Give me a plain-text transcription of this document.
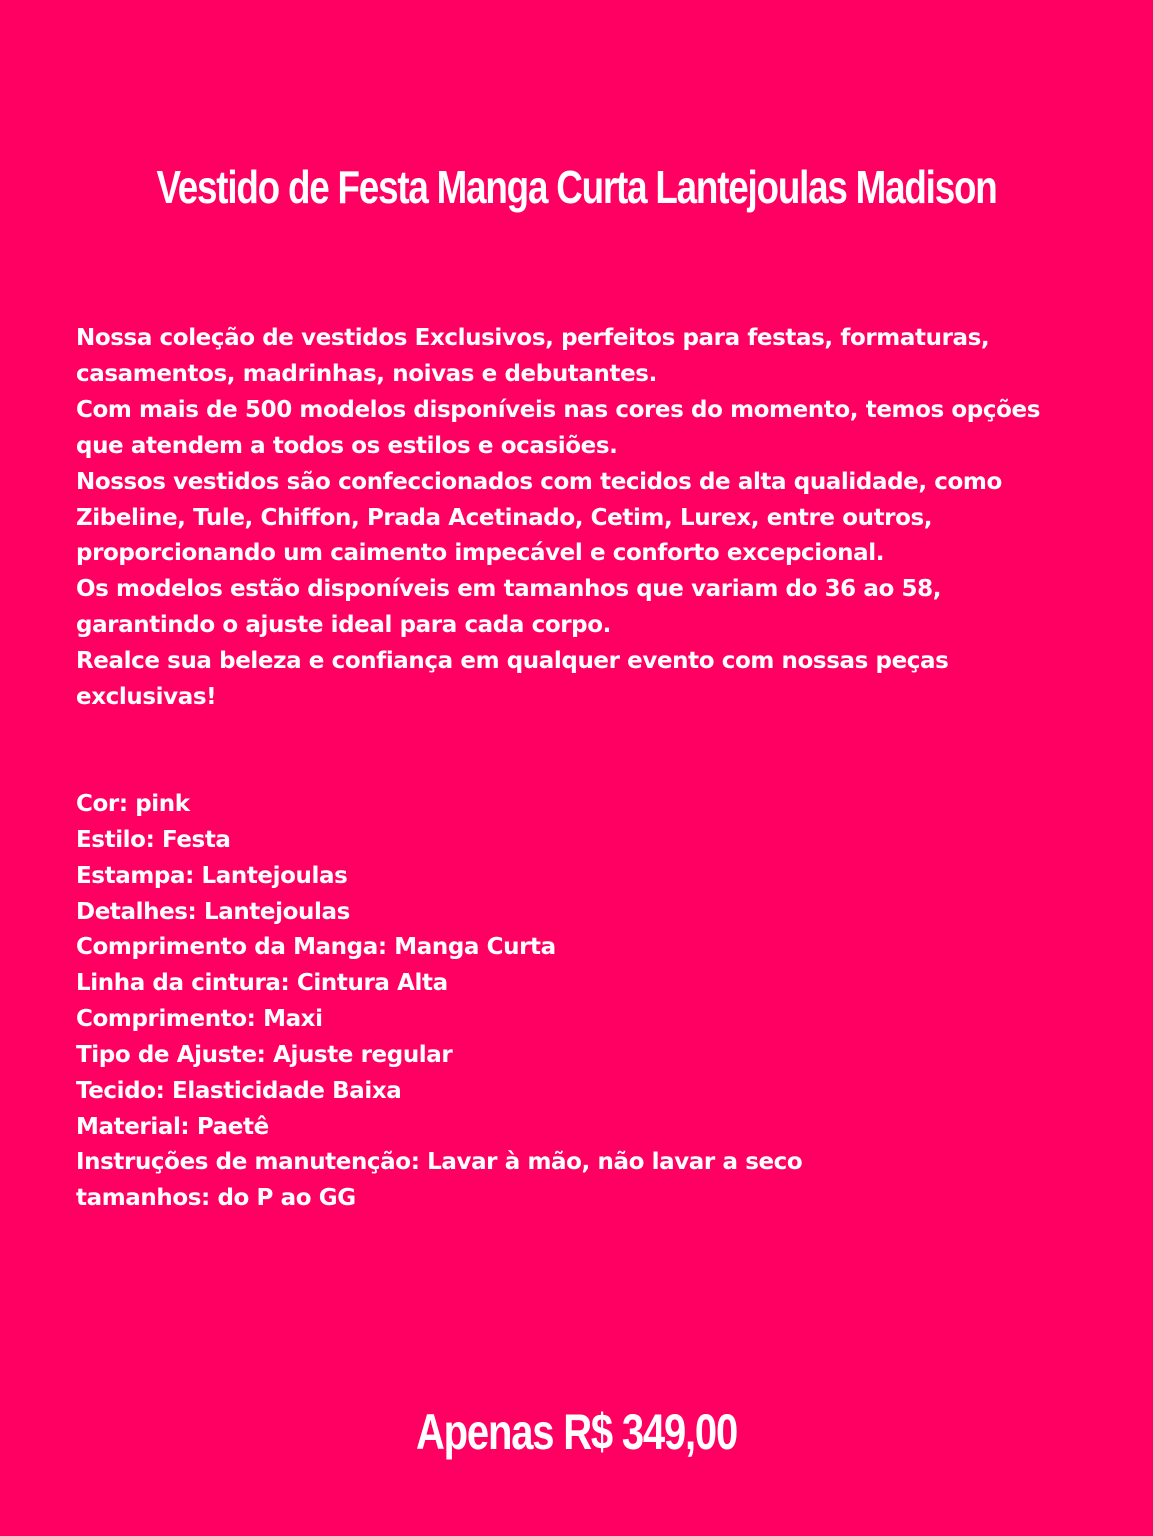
Vestido de Festa Manga Curta Lantejoulas Madison

Nossa coleção de vestidos Exclusivos, perfeitos para festas, formaturas, casamentos, madrinhas, noivas e debutantes.

Com mais de 500 modelos disponíveis nas cores do momento, temos opções que atendem a todos os estilos e ocasiões.

Nossos vestidos são confeccionados com tecidos de alta qualidade, como Zibeline, Tule, Chiffon, Prada Acetinado, Cetim, Lurex, entre outros, proporcionando um caimento impecável e conforto excepcional.

Os modelos estão disponíveis em tamanhos que variam do 36 ao 58, garantindo o ajuste ideal para cada corpo.

Realce sua beleza e confiança em qualquer evento com nossas peças exclusivas!

Cor: pink
Estilo: Festa
Estampa: Lantejoulas
Detalhes: Lantejoulas
Comprimento da Manga: Manga Curta
Linha da cintura: Cintura Alta
Comprimento: Maxi
Tipo de Ajuste: Ajuste regular
Tecido: Elasticidade Baixa
Material: Paetê
Instruções de manutenção: Lavar à mão, não lavar a seco
tamanhos: do P ao GG
Apenas R$ 349,00
